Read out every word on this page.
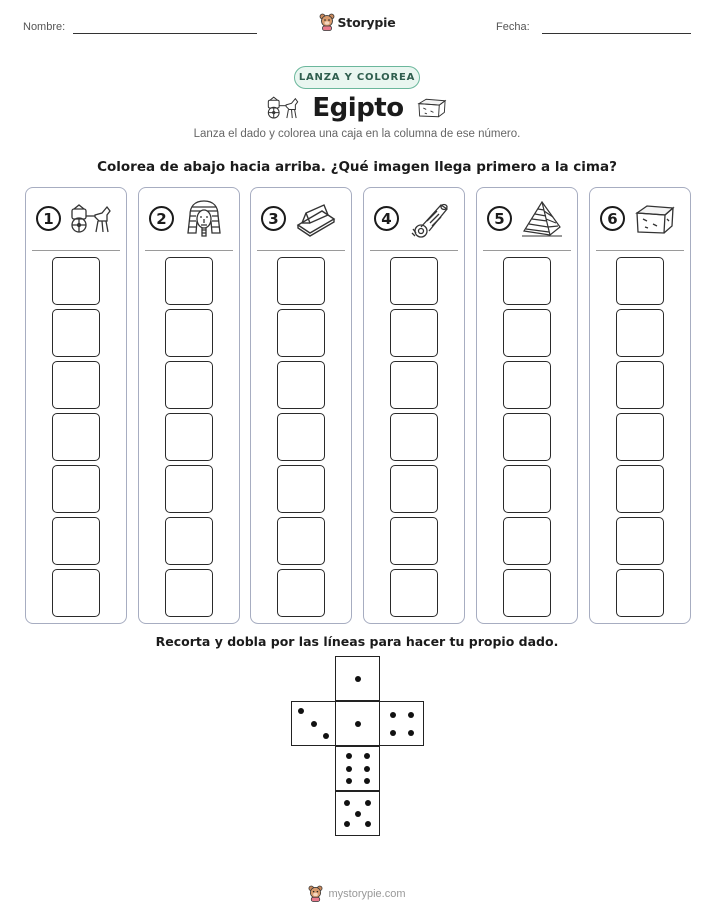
Nombre:	Fecha:
Storypie
LANZA Y COLOREA
Egipto
Lanza el dado y colorea una caja en la columna de ese número.
Colorea de abajo hacia arriba. ¿Qué imagen llega primero a la cima?
1	2	3	4	5	6
Recorta y dobla por las líneas para hacer tu propio dado.
mystorypie.com
